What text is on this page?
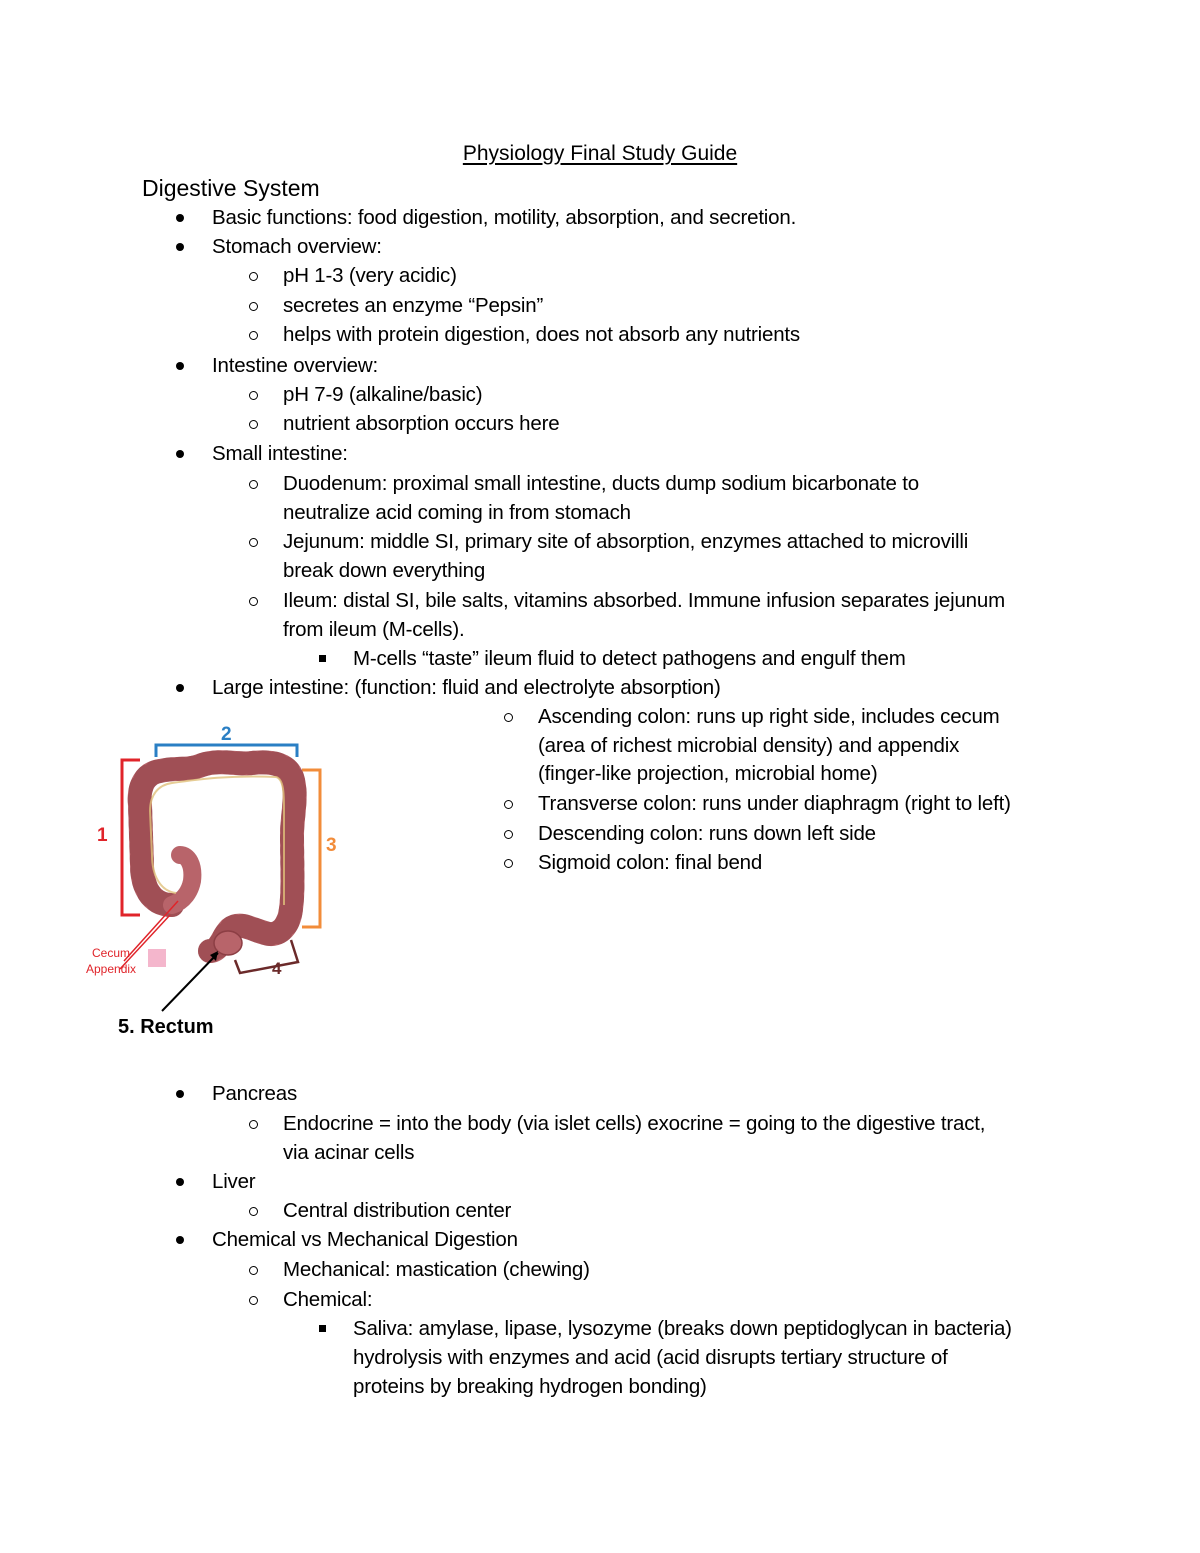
Physiology Final Study Guide
Digestive System
Basic functions: food digestion, motility, absorption, and secretion.
Stomach overview:
pH 1-3 (very acidic)
secretes an enzyme “Pepsin”
helps with protein digestion, does not absorb any nutrients
Intestine overview:
pH 7-9 (alkaline/basic)
nutrient absorption occurs here
Small intestine:
Duodenum: proximal small intestine, ducts dump sodium bicarbonate to
neutralize acid coming in from stomach
Jejunum: middle SI, primary site of absorption, enzymes attached to microvilli
break down everything
Ileum: distal SI, bile salts, vitamins absorbed. Immune infusion separates jejunum
from ileum (M-cells).
M-cells “taste” ileum fluid to detect pathogens and engulf them
Large intestine: (function: fluid and electrolyte absorption)
Ascending colon: runs up right side, includes cecum
(area of richest microbial density) and appendix
(finger-like projection, microbial home)
Transverse colon: runs under diaphragm (right to left)
Descending colon: runs down left side
Sigmoid colon: final bend
2
1	3
4
Cecum
Appendix
5. Rectum
Pancreas
Endocrine = into the body (via islet cells) exocrine = going to the digestive tract,
via acinar cells
Liver
Central distribution center
Chemical vs Mechanical Digestion
Mechanical: mastication (chewing)
Chemical:
Saliva: amylase, lipase, lysozyme (breaks down peptidoglycan in bacteria)
hydrolysis with enzymes and acid (acid disrupts tertiary structure of
proteins by breaking hydrogen bonding)
